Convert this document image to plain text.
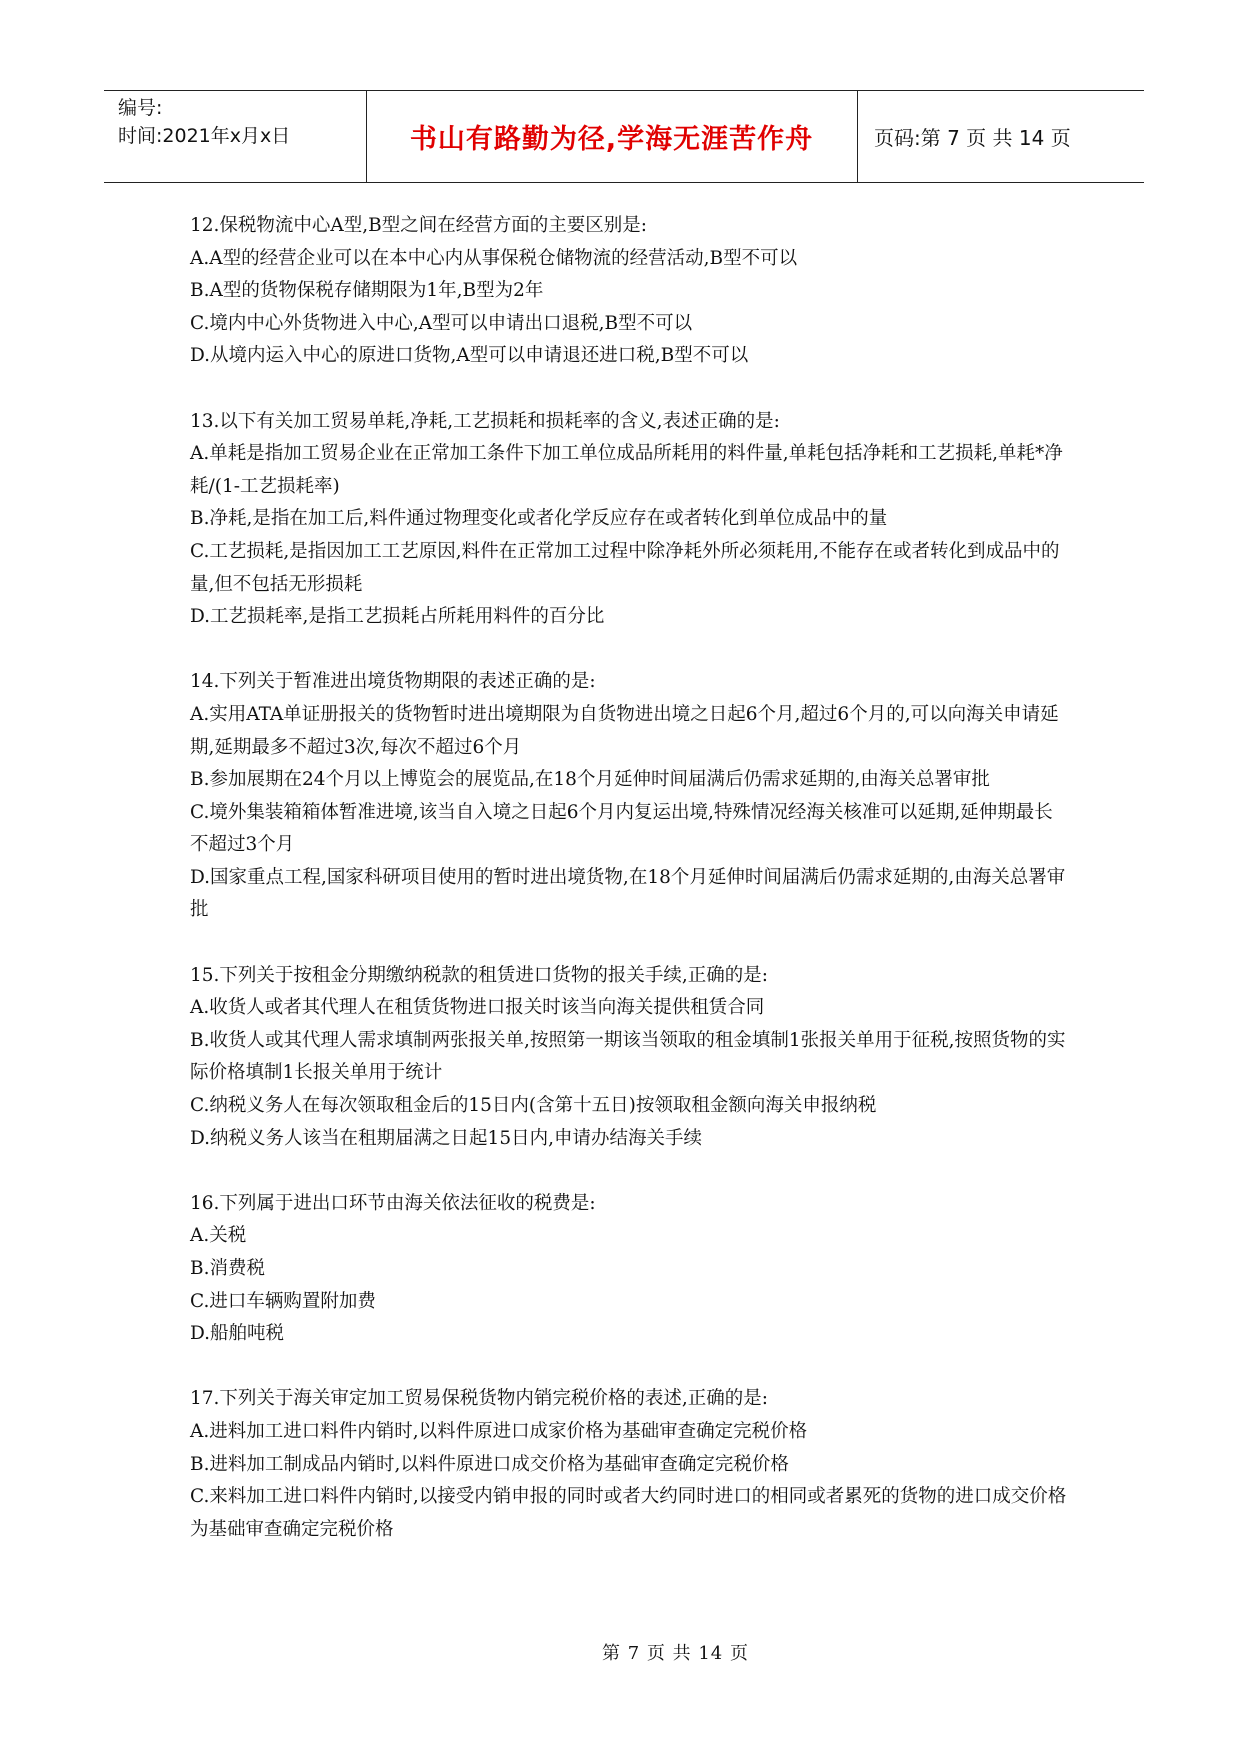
编号:
时间:2021年x月x日	书山有路勤为径,学海无涯苦作舟	页码:第 7 页 共 14 页

12.保税物流中心A型,B型之间在经营方面的主要区别是:

A.A型的经营企业可以在本中心内从事保税仓储物流的经营活动,B型不可以

B.A型的货物保税存储期限为1年,B型为2年

C.境内中心外货物进入中心,A型可以申请出口退税,B型不可以

D.从境内运入中心的原进口货物,A型可以申请退还进口税,B型不可以

13.以下有关加工贸易单耗,净耗,工艺损耗和损耗率的含义,表述正确的是:

A.单耗是指加工贸易企业在正常加工条件下加工单位成品所耗用的料件量,单耗包括净耗和工艺损耗,单耗*净耗/(1-工艺损耗率)

B.净耗,是指在加工后,料件通过物理变化或者化学反应存在或者转化到单位成品中的量

C.工艺损耗,是指因加工工艺原因,料件在正常加工过程中除净耗外所必须耗用,不能存在或者转化到成品中的量,但不包括无形损耗

D.工艺损耗率,是指工艺损耗占所耗用料件的百分比

14.下列关于暂准进出境货物期限的表述正确的是:

A.实用ATA单证册报关的货物暂时进出境期限为自货物进出境之日起6个月,超过6个月的,可以向海关申请延期,延期最多不超过3次,每次不超过6个月

B.参加展期在24个月以上博览会的展览品,在18个月延伸时间届满后仍需求延期的,由海关总署审批

C.境外集装箱箱体暂准进境,该当自入境之日起6个月内复运出境,特殊情况经海关核准可以延期,延伸期最长不超过3个月

D.国家重点工程,国家科研项目使用的暂时进出境货物,在18个月延伸时间届满后仍需求延期的,由海关总署审批

15.下列关于按租金分期缴纳税款的租赁进口货物的报关手续,正确的是:

A.收货人或者其代理人在租赁货物进口报关时该当向海关提供租赁合同

B.收货人或其代理人需求填制两张报关单,按照第一期该当领取的租金填制1张报关单用于征税,按照货物的实际价格填制1长报关单用于统计

C.纳税义务人在每次领取租金后的15日内(含第十五日)按领取租金额向海关申报纳税

D.纳税义务人该当在租期届满之日起15日内,申请办结海关手续

16.下列属于进出口环节由海关依法征收的税费是:

A.关税

B.消费税

C.进口车辆购置附加费

D.船舶吨税

17.下列关于海关审定加工贸易保税货物内销完税价格的表述,正确的是:

A.进料加工进口料件内销时,以料件原进口成家价格为基础审查确定完税价格

B.进料加工制成品内销时,以料件原进口成交价格为基础审查确定完税价格

C.来料加工进口料件内销时,以接受内销申报的同时或者大约同时进口的相同或者累死的货物的进口成交价格为基础审查确定完税价格

第 7 页 共 14 页
